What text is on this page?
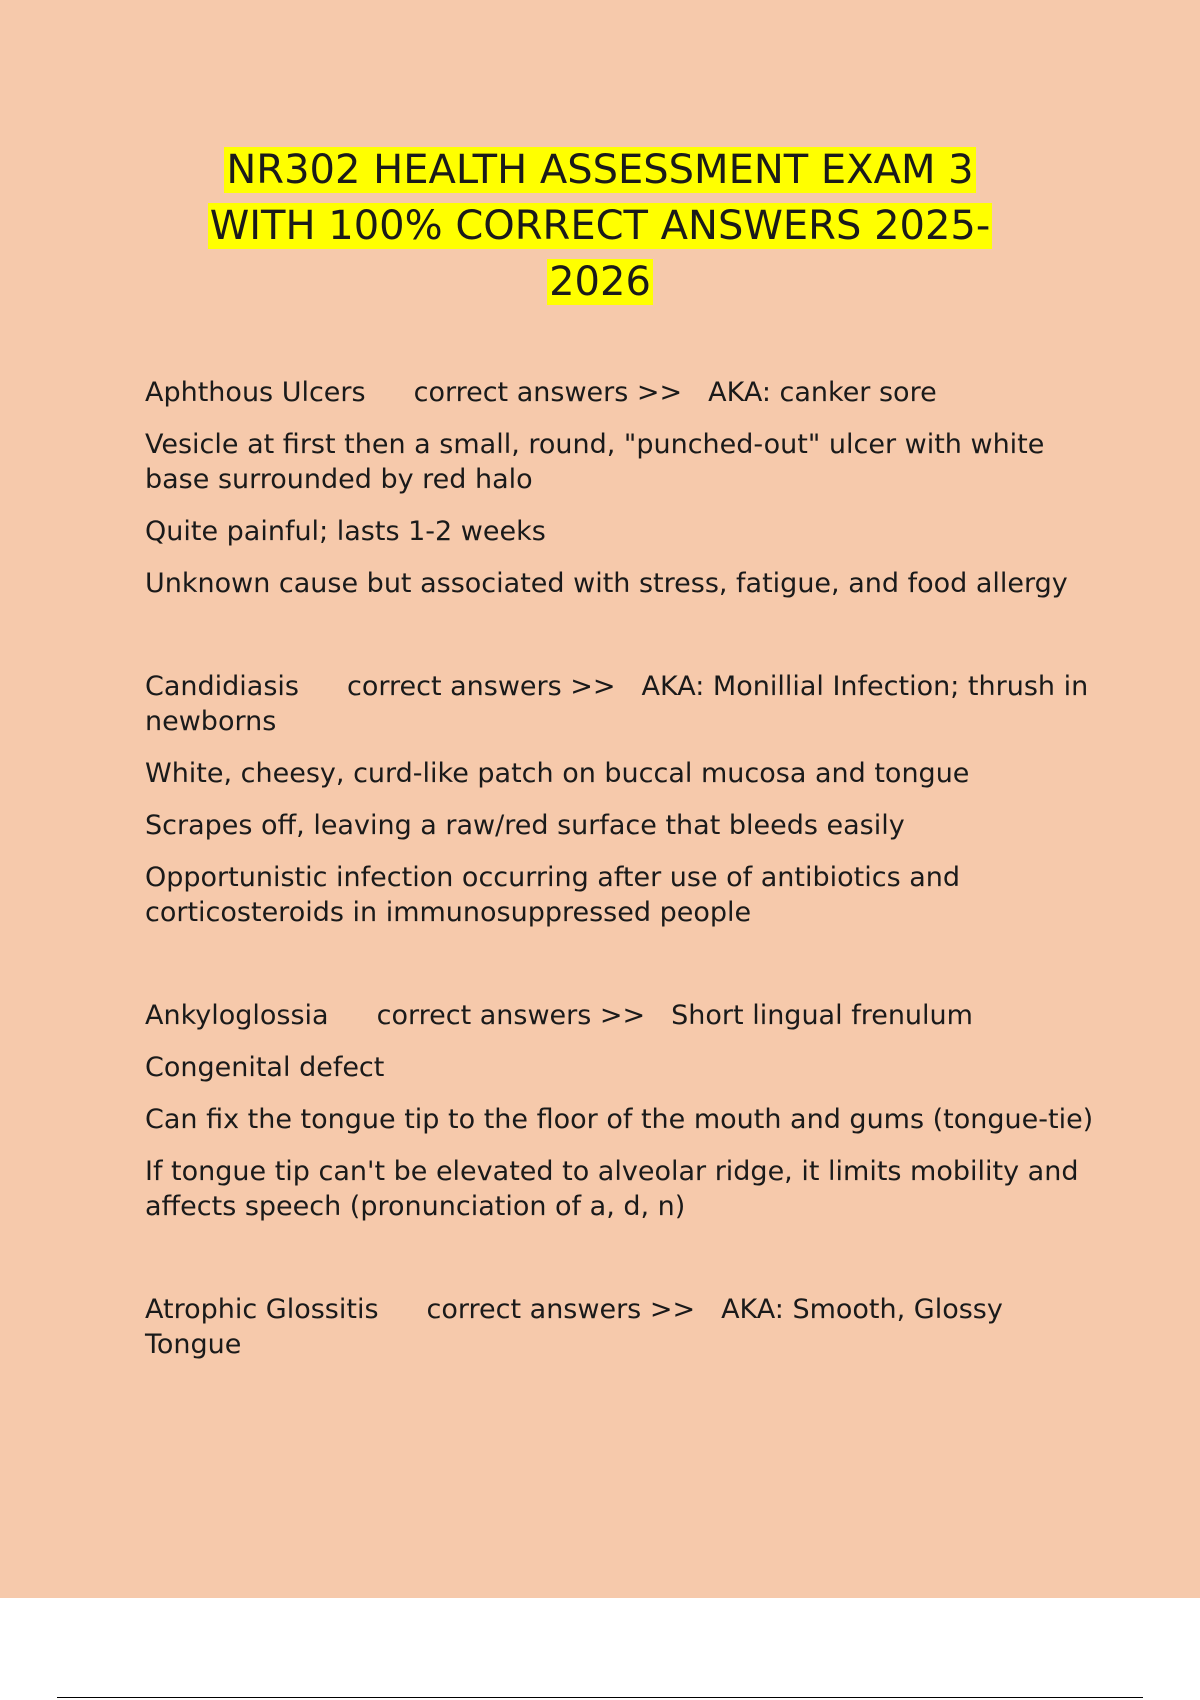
NR302 HEALTH ASSESSMENT EXAM 3
WITH 100% CORRECT ANSWERS 2025-
2026

Aphthous Ulcers correct answers >> AKA: canker sore

Vesicle at first then a small, round, "punched-out" ulcer with white base surrounded by red halo

Quite painful; lasts 1-2 weeks

Unknown cause but associated with stress, fatigue, and food allergy

Candidiasis correct answers >> AKA: Monillial Infection; thrush in newborns

White, cheesy, curd-like patch on buccal mucosa and tongue

Scrapes off, leaving a raw/red surface that bleeds easily

Opportunistic infection occurring after use of antibiotics and corticosteroids in immunosuppressed people

Ankyloglossia correct answers >> Short lingual frenulum

Congenital defect

Can fix the tongue tip to the floor of the mouth and gums (tongue-tie)

If tongue tip can't be elevated to alveolar ridge, it limits mobility and affects speech (pronunciation of a, d, n)

Atrophic Glossitis correct answers >> AKA: Smooth, Glossy Tongue
